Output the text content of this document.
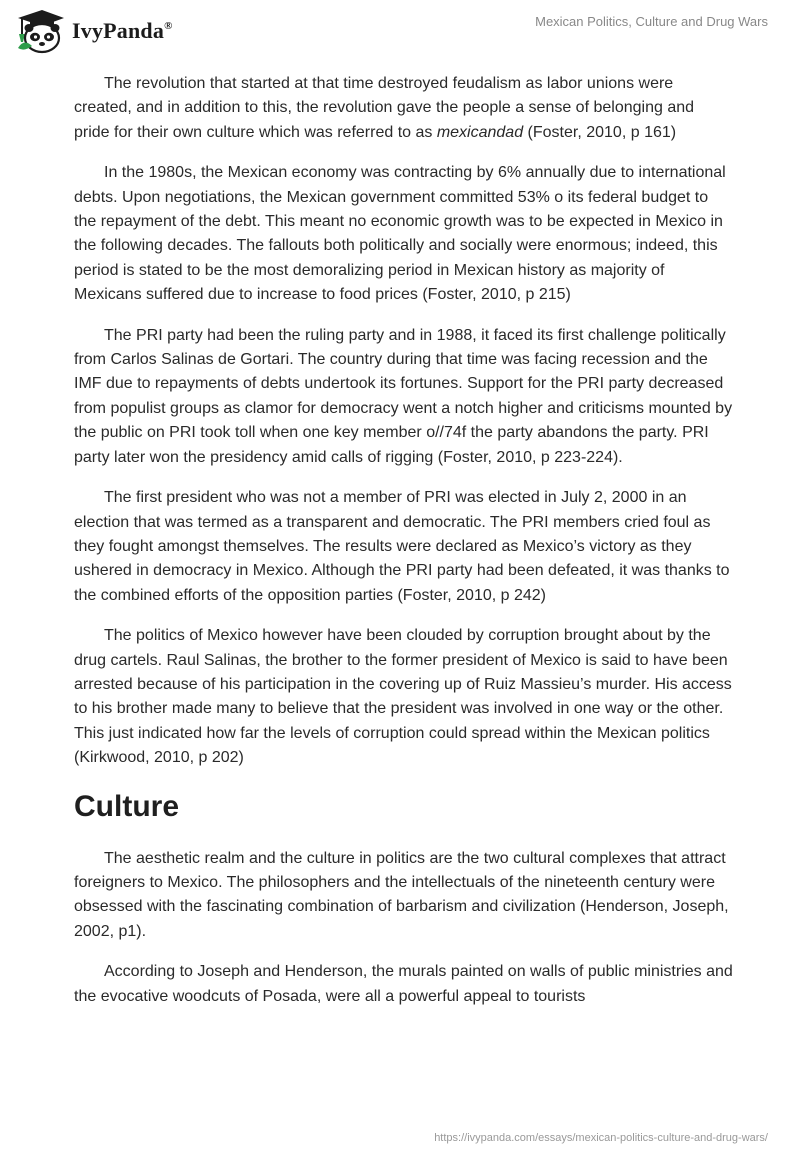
IvyPanda®	Mexican Politics, Culture and Drug Wars

The revolution that started at that time destroyed feudalism as labor unions were created, and in addition to this, the revolution gave the people a sense of belonging and pride for their own culture which was referred to as mexicandad (Foster, 2010, p 161)

In the 1980s, the Mexican economy was contracting by 6% annually due to international debts. Upon negotiations, the Mexican government committed 53% o its federal budget to the repayment of the debt. This meant no economic growth was to be expected in Mexico in the following decades. The fallouts both politically and socially were enormous; indeed, this period is stated to be the most demoralizing period in Mexican history as majority of Mexicans suffered due to increase to food prices (Foster, 2010, p 215)

The PRI party had been the ruling party and in 1988, it faced its first challenge politically from Carlos Salinas de Gortari. The country during that time was facing recession and the IMF due to repayments of debts undertook its fortunes. Support for the PRI party decreased from populist groups as clamor for democracy went a notch higher and criticisms mounted by the public on PRI took toll when one key member o//74f the party abandons the party. PRI party later won the presidency amid calls of rigging (Foster, 2010, p 223-224).

The first president who was not a member of PRI was elected in July 2, 2000 in an election that was termed as a transparent and democratic. The PRI members cried foul as they fought amongst themselves. The results were declared as Mexico’s victory as they ushered in democracy in Mexico. Although the PRI party had been defeated, it was thanks to the combined efforts of the opposition parties (Foster, 2010, p 242)

The politics of Mexico however have been clouded by corruption brought about by the drug cartels. Raul Salinas, the brother to the former president of Mexico is said to have been arrested because of his participation in the covering up of Ruiz Massieu’s murder. His access to his brother made many to believe that the president was involved in one way or the other. This just indicated how far the levels of corruption could spread within the Mexican politics (Kirkwood, 2010, p 202)

Culture

The aesthetic realm and the culture in politics are the two cultural complexes that attract foreigners to Mexico. The philosophers and the intellectuals of the nineteenth century were obsessed with the fascinating combination of barbarism and civilization (Henderson, Joseph, 2002, p1).

According to Joseph and Henderson, the murals painted on walls of public ministries and the evocative woodcuts of Posada, were all a powerful appeal to tourists

https://ivypanda.com/essays/mexican-politics-culture-and-drug-wars/
